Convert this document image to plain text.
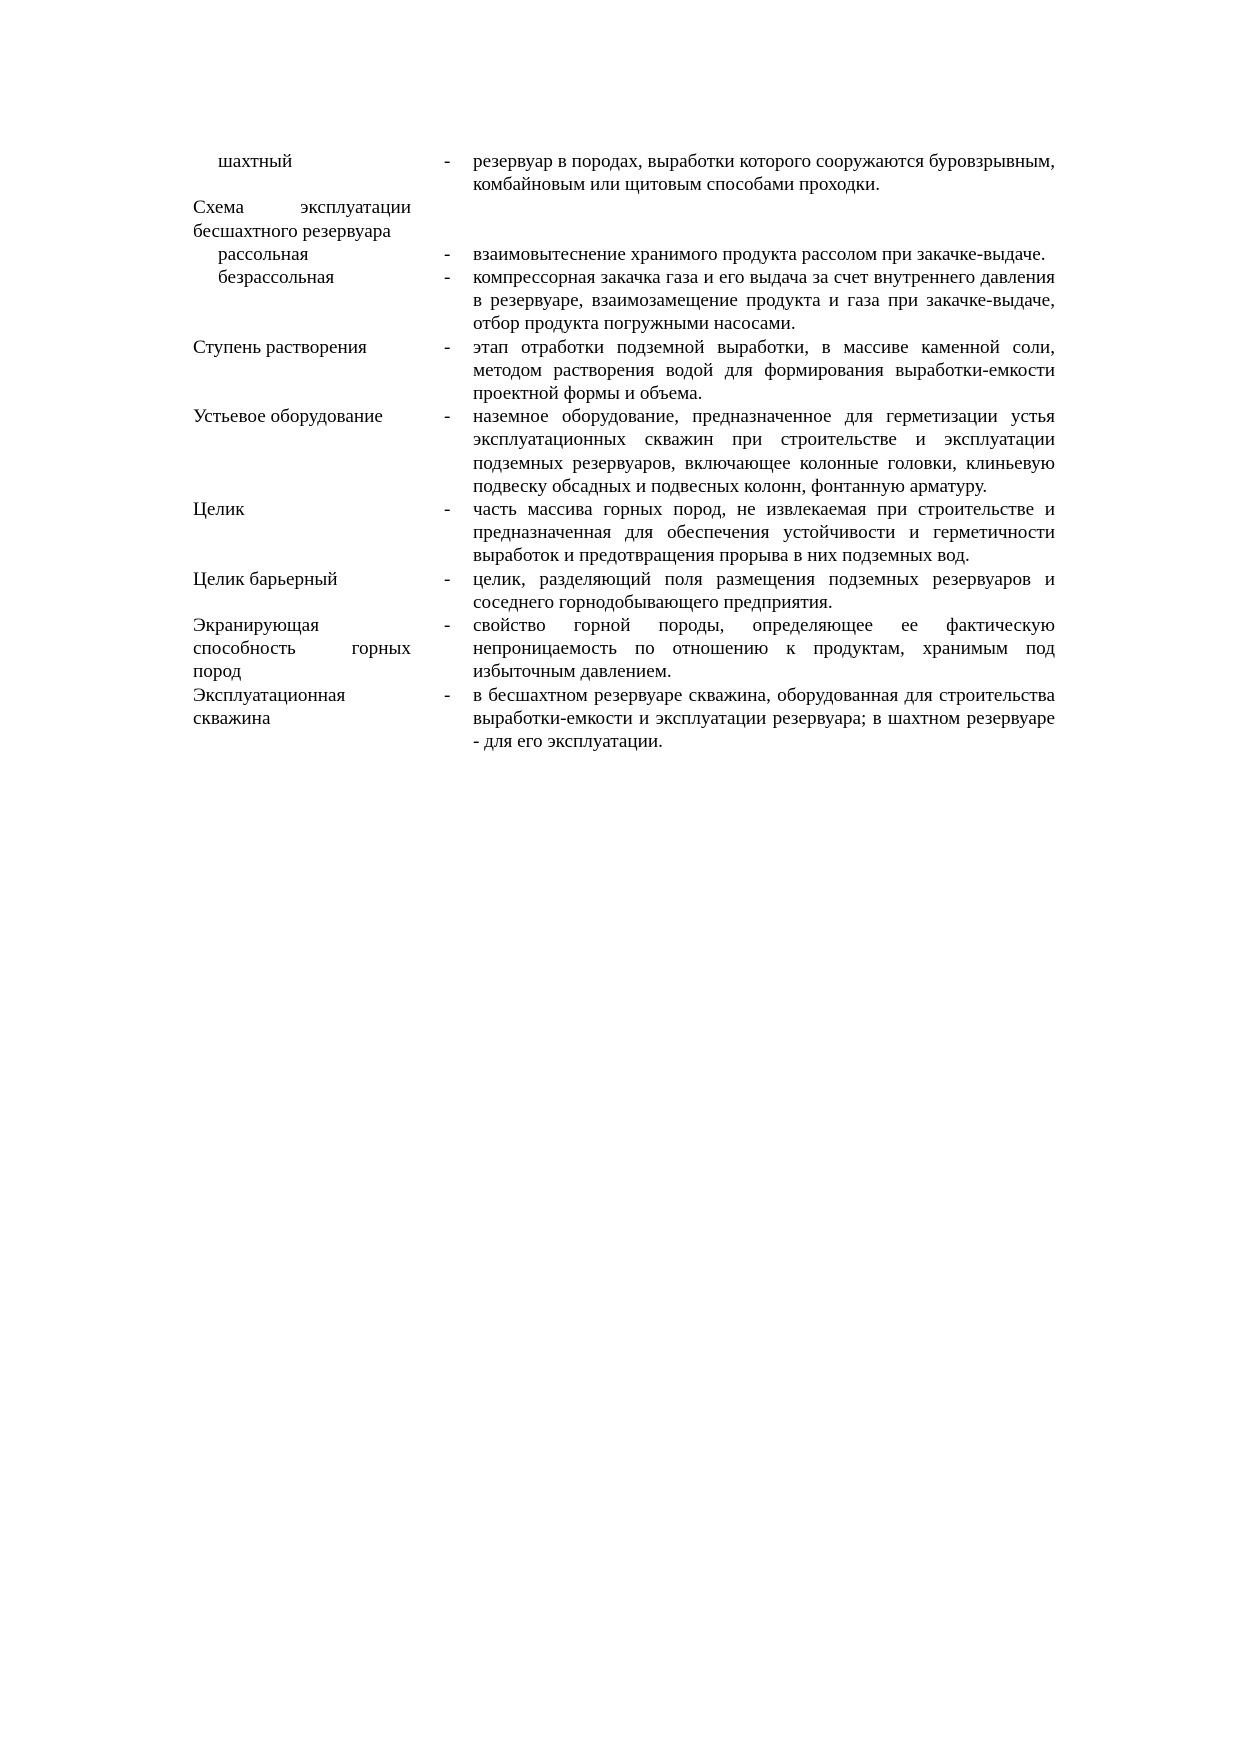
шахтный	-	резервуар в породах, выработки которого сооружаются буровзрывным, комбайновым или щитовым способами проходки.
Схема эксплуатации бесшахтного резервуара		
рассольная	-	взаимовытеснение хранимого продукта рассолом при закачке-выдаче.
безрассольная	-	компрессорная закачка газа и его выдача за счет внутреннего давления в резервуаре, взаимозамещение продукта и газа при закачке-выдаче, отбор продукта погружными насосами.
Ступень растворения	-	этап отработки подземной выработки, в массиве каменной соли, методом растворения водой для формирования выработки-емкости проектной формы и объема.
Устьевое оборудование	-	наземное оборудование, предназначенное для герметизации устья эксплуатационных скважин при строительстве и эксплуатации подземных резервуаров, включающее колонные головки, клиньевую подвеску обсадных и подвесных колонн, фонтанную арматуру.
Целик	-	часть массива горных пород, не извлекаемая при строительстве и предназначенная для обеспечения устойчивости и герметичности выработок и предотвращения прорыва в них подземных вод.
Целик барьерный	-	целик, разделяющий поля размещения подземных резервуаров и соседнего горнодобывающего предприятия.
Экранирующая способность горных пород	-	свойство горной породы, определяющее ее фактическую непроницаемость по отношению к продуктам, хранимым под избыточным давлением.
Эксплуатационная скважина	-	в бесшахтном резервуаре скважина, оборудованная для строительства выработки-емкости и эксплуатации резервуара; в шахтном резервуаре - для его эксплуатации.
